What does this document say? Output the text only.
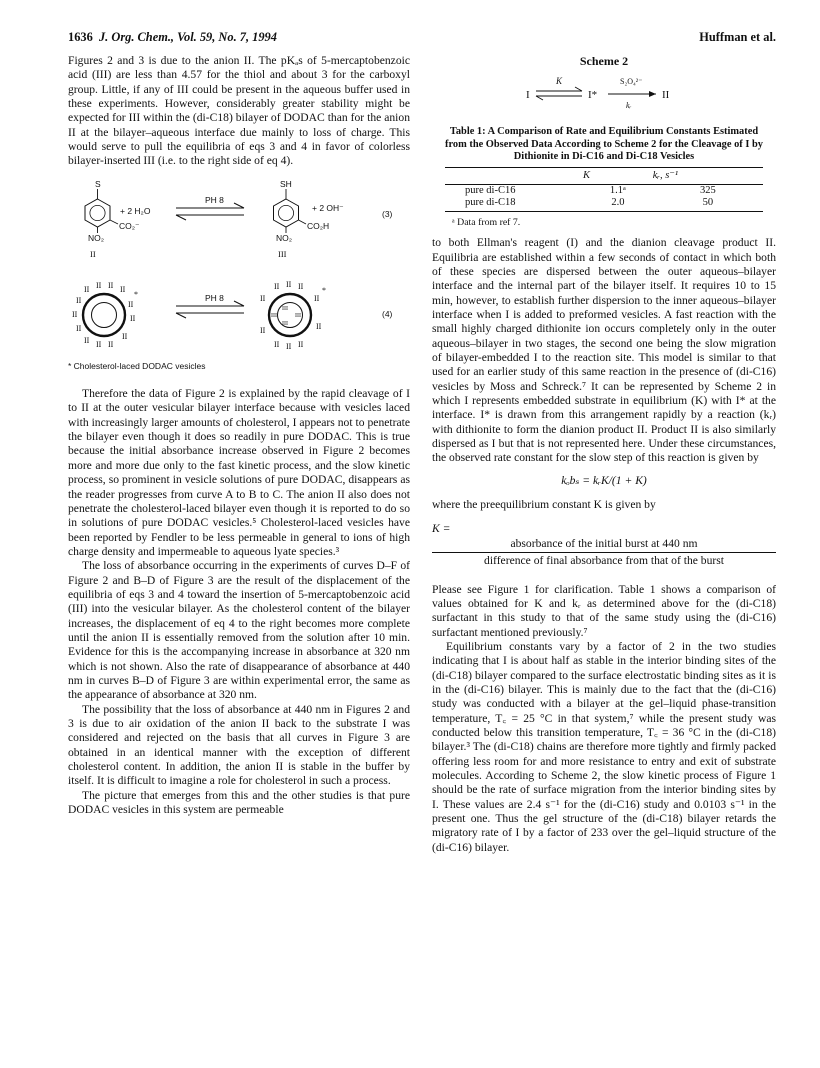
1636 J. Org. Chem., Vol. 59, No. 7, 1994	Huffman et al.

Figures 2 and 3 is due to the anion II. The pKₐs of 5-mercaptobenzoic acid (III) are less than 4.57 for the thiol and about 3 for the carboxyl group. Little, if any of III could be present in the aqueous buffer used in these experiments. However, considerably greater stability might be expected for III within the (di-C18) bilayer of DODAC than for the anion II at the bilayer–aqueous interface due mainly to loss of charge. This would serve to pull the equilibria of eqs 3 and 4 in favor of colorless bilayer-inserted III (i.e. to the right side of eq 4).

S
CO₂⁻
NO₂
II
+ 2 H₂O
PH 8
SH
CO₂H
NO₂
III
+ 2 OH⁻
(3)
II
II II II II
II
II
II
II
II II II
II
*	PH 8
III
III
III	III
II II II
II	II
II	II
II II II
*
(4)
* Cholesterol-laced DODAC vesicles

Therefore the data of Figure 2 is explained by the rapid cleavage of I to II at the outer vesicular bilayer interface because with vesicles laced with increasingly larger amounts of cholesterol, I appears not to penetrate the bilayer even though it does so readily in pure DODAC. This is true because the initial absorbance increase observed in Figure 2 becomes more and more due only to the fast kinetic process, and the slow kinetic process, so prominent in vesicle solutions of pure DODAC, disappears as the reader progresses from curve A to B to C. The anion II also does not penetrate the cholesterol-laced bilayer even though it is reported to do so in solutions of pure DODAC vesicles.⁵ Cholesterol-laced vesicles have been reported by Fendler to be less permeable in general to ions of high charge density and impermeable to aqueous lyate species.³

The loss of absorbance occurring in the experiments of curves D–F of Figure 2 and B–D of Figure 3 are the result of the displacement of the equilibria of eqs 3 and 4 toward the insertion of 5-mercaptobenzoic acid (III) into the vesicular bilayer. As the cholesterol content of the bilayer increases, the displacement of eq 4 to the right becomes more complete until the anion II is essentially removed from the solution after 10 min. Evidence for this is the accompanying increase in absorbance at 320 nm which is not shown. Also the rate of disappearance of absorbance at 440 nm in curves B–D of Figure 3 are within experimental error, the same as the appearance of absorbance at 320 nm.

The possibility that the loss of absorbance at 440 nm in Figures 2 and 3 is due to air oxidation of the anion II back to the substrate I was considered and rejected on the basis that all curves in Figure 3 are obtained in an identical manner with the exception of different cholesterol content. In addition, the anion II is stable in the buffer by itself. It is difficult to imagine a role for cholesterol in such a process.

The picture that emerges from this and the other studies is that pure DODAC vesicles in this system are permeable

Scheme 2
I
K
I*
S₂O₄²⁻
kᵣ
II
Table 1: A Comparison of Rate and Equilibrium Constants Estimated from the Observed Data According to Scheme 2 for the Cleavage of I by Dithionite in Di-C16 and Di-C18 Vesicles
	K	kᵣ, s⁻¹
pure di-C16	1.1ᵃ	325
pure di-C18	2.0	50
ᵃ Data from ref 7.

to both Ellman's reagent (I) and the dianion cleavage product II. Equilibria are established within a few seconds of contact in which both of these species are dispersed between the outer aqueous–bilayer interface and the internal part of the bilayer itself. It requires 10 to 15 min, however, to establish further dispersion to the inner aqueous–bilayer interface when I is added to preformed vesicles. A fast reaction with the small highly charged dithionite ion occurs completely only in the outer aqueous–bilayer in two stages, the second one being the slow migration of bilayer-embedded I to the reaction site. This model is similar to that used for an earlier study of this same reaction in the presence of (di-C16) vesicles by Moss and Schreck.⁷ It can be represented by Scheme 2 in which I represents embedded substrate in equilibrium (K) with I* at the interface. I* is drawn from this arrangement rapidly by a reaction (kᵣ) with dithionite to form the dianion product II. Product II is also similarly dispersed as I but that is not represented here. Under these circumstances, the observed rate constant for the slow step of this reaction is given by

kₒbₛ = kᵣK/(1 + K)

where the preequilibrium constant K is given by

K =
absorbance of the initial burst at 440 nm
difference of final absorbance from that of the burst

Please see Figure 1 for clarification. Table 1 shows a comparison of values obtained for K and kᵣ as determined above for the (di-C18) surfactant in this study to that of the same study using the (di-C16) surfactant mentioned previously.⁷

Equilibrium constants vary by a factor of 2 in the two studies indicating that I is about half as stable in the interior binding sites of the (di-C18) bilayer compared to the surface electrostatic binding sites as it is in the (di-C16) bilayer. This is mainly due to the fact that the (di-C16) study was conducted with a bilayer at the gel–liquid phase-transition temperature, T꜀ = 25 °C in that system,⁷ while the present study was conducted below this transition temperature, T꜀ = 36 °C in the (di-C18) bilayer.³ The (di-C18) chains are therefore more tightly and firmly packed offering less room for and more resistance to entry and exit of substrate molecules. According to Scheme 2, the slow kinetic process of Figure 1 should be the rate of surface migration from the interior binding sites by I. These values are 2.4 s⁻¹ for the (di-C16) study and 0.0103 s⁻¹ in the present one. Thus the gel structure of the (di-C18) bilayer retards the migratory rate of I by a factor of 233 over the gel–liquid structure of the (di-C16) bilayer.
